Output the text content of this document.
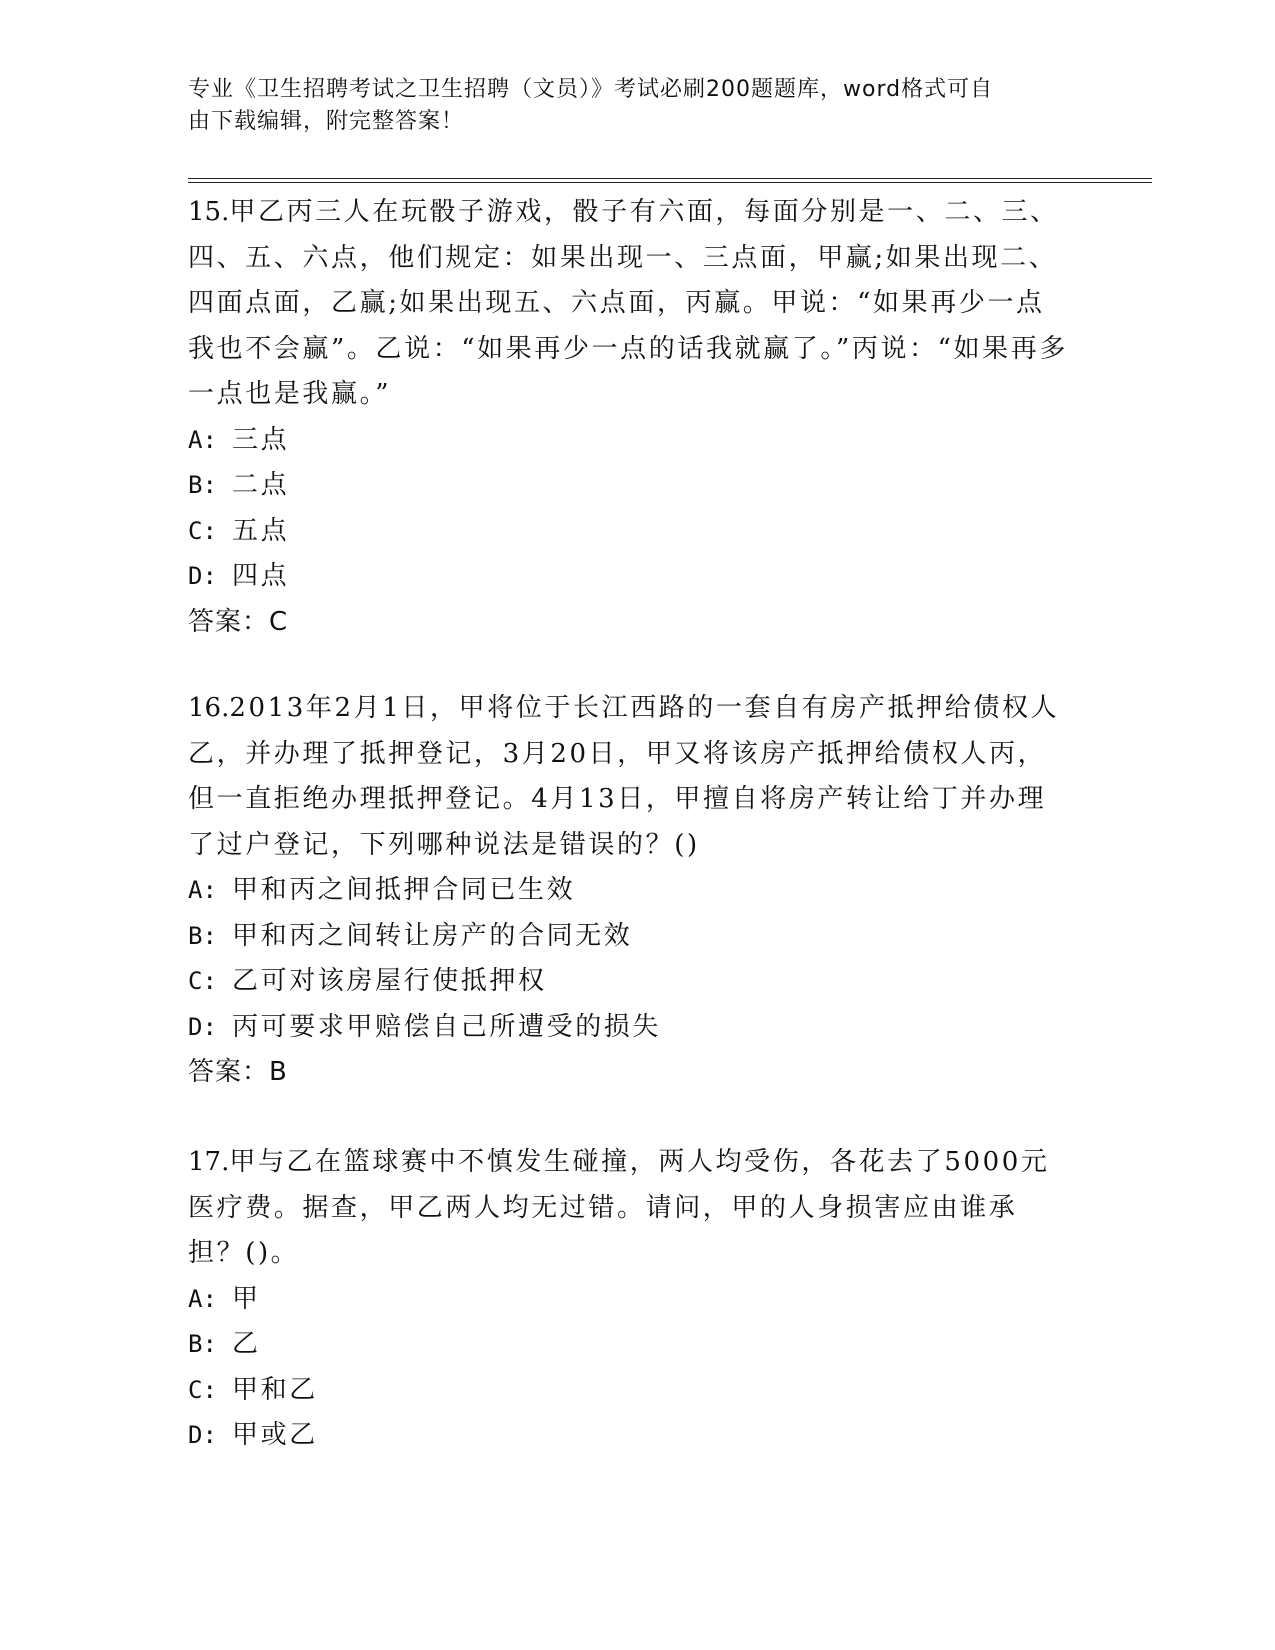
专业《卫生招聘考试之卫生招聘（文员）》考试必刷200题题库，word格式可自
由下载编辑，附完整答案！

15.甲乙丙三人在玩骰子游戏，骰子有六面，每面分别是一、二、三、四、五、六点，他们规定：如果出现一、三点面，甲赢;如果出现二、四面点面，乙赢;如果出现五、六点面，丙赢。甲说：“如果再少一点我也不会赢”。乙说：“如果再少一点的话我就赢了。”丙说：“如果再多一点也是我赢。”

A: 三点
B: 二点
C: 五点
D: 四点

答案：C

16.2013年2月1日，甲将位于长江西路的一套自有房产抵押给债权人乙，并办理了抵押登记，3月20日，甲又将该房产抵押给债权人丙，但一直拒绝办理抵押登记。4月13日，甲擅自将房产转让给丁并办理了过户登记，下列哪种说法是错误的？()

A: 甲和丙之间抵押合同已生效
B: 甲和丙之间转让房产的合同无效
C: 乙可对该房屋行使抵押权
D: 丙可要求甲赔偿自己所遭受的损失

答案：B

17.甲与乙在篮球赛中不慎发生碰撞，两人均受伤，各花去了5000元医疗费。据查，甲乙两人均无过错。请问，甲的人身损害应由谁承担？()。

A: 甲
B: 乙
C: 甲和乙
D: 甲或乙
